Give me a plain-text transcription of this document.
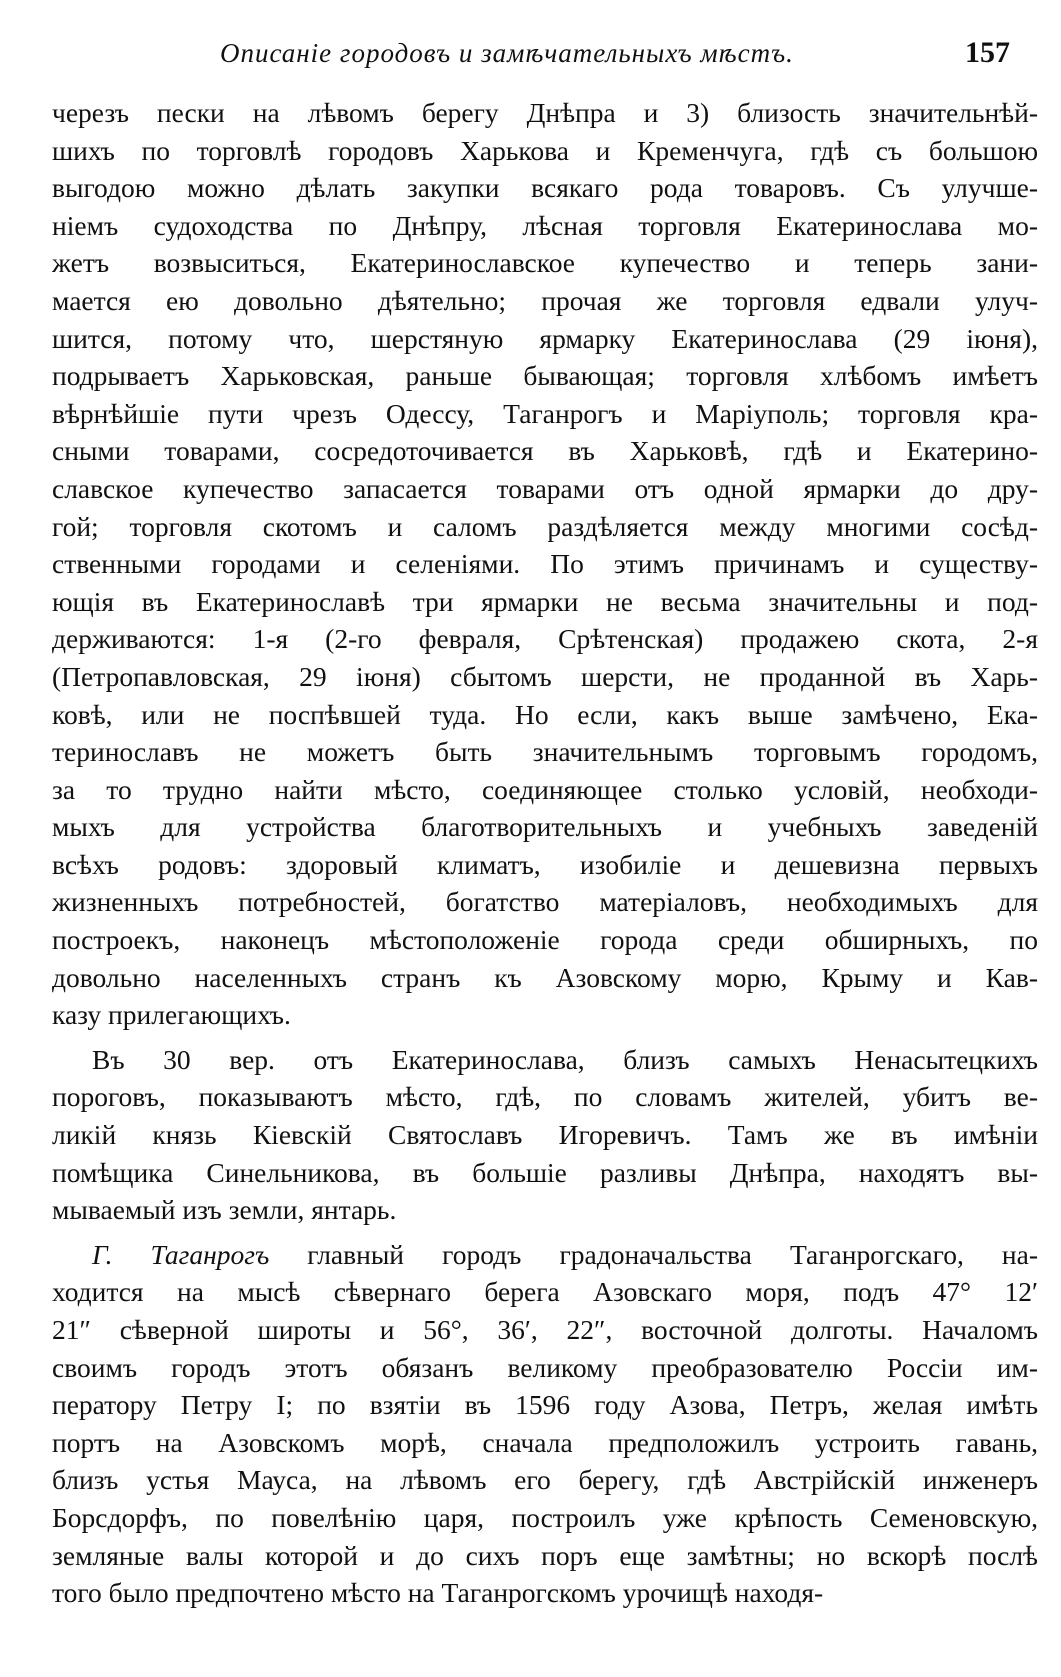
Описаніе городовъ и замѣчательныхъ мѣстъ.	157
черезъ пески на лѣвомъ берегу Днѣпра и 3) близость значительнѣй-
шихъ по торговлѣ городовъ Харькова и Кременчуга, гдѣ съ большою
выгодою можно дѣлать закупки всякаго рода товаровъ. Съ улучше-
ніемъ судоходства по Днѣпру, лѣсная торговля Екатеринослава мо-
жетъ возвыситься, Екатеринославское купечество и теперь зани-
мается ею довольно дѣятельно; прочая же торговля едвали улуч-
шится, потому что, шерстяную ярмарку Екатеринослава (29 іюня),
подрываетъ Харьковская, раньше бывающая; торговля хлѣбомъ имѣетъ
вѣрнѣйшіе пути чрезъ Одессу, Таганрогъ и Маріуполь; торговля кра-
сными товарами, сосредоточивается въ Харьковѣ, гдѣ и Екатерино-
славское купечество запасается товарами отъ одной ярмарки до дру-
гой; торговля скотомъ и саломъ раздѣляется между многими сосѣд-
ственными городами и селеніями. По этимъ причинамъ и существу-
ющія въ Екатеринославѣ три ярмарки не весьма значительны и под-
держиваются: 1-я (2-го февраля, Срѣтенская) продажею скота, 2-я
(Петропавловская, 29 іюня) сбытомъ шерсти, не проданной въ Харь-
ковѣ, или не поспѣвшей туда. Но если, какъ выше замѣчено, Ека-
теринославъ не можетъ быть значительнымъ торговымъ городомъ,
за то трудно найти мѣсто, соединяющее столько условій, необходи-
мыхъ для устройства благотворительныхъ и учебныхъ заведеній
всѣхъ родовъ: здоровый климатъ, изобиліе и дешевизна первыхъ
жизненныхъ потребностей, богатство матеріаловъ, необходимыхъ для
построекъ, наконецъ мѣстоположеніе города среди обширныхъ, по
довольно населенныхъ странъ къ Азовскому морю, Крыму и Кав-
казу прилегающихъ.
Въ 30 вер. отъ Екатеринослава, близъ самыхъ Ненасытецкихъ
пороговъ, показываютъ мѣсто, гдѣ, по словамъ жителей, убитъ ве-
ликій князь Кіевскій Святославъ Игоревичъ. Тамъ же въ имѣніи
помѣщика Синельникова, въ большіе разливы Днѣпра, находятъ вы-
мываемый изъ земли, янтарь.
Г. Таганрогъ главный городъ градоначальства Таганрогскаго, на-
ходится на мысѣ сѣвернаго берега Азовскаго моря, подъ 47° 12′
21″ сѣверной широты и 56°, 36′, 22″, восточной долготы. Началомъ
своимъ городъ этотъ обязанъ великому преобразователю Россіи им-
ператору Петру I; по взятіи въ 1596 году Азова, Петръ, желая имѣть
портъ на Азовскомъ морѣ, сначала предположилъ устроить гавань,
близъ устья Мауса, на лѣвомъ его берегу, гдѣ Австрійскій инженеръ
Борсдорфъ, по повелѣнію царя, построилъ уже крѣпость Семеновскую,
земляные валы которой и до сихъ поръ еще замѣтны; но вскорѣ послѣ
того было предпочтено мѣсто на Таганрогскомъ урочищѣ находя-
